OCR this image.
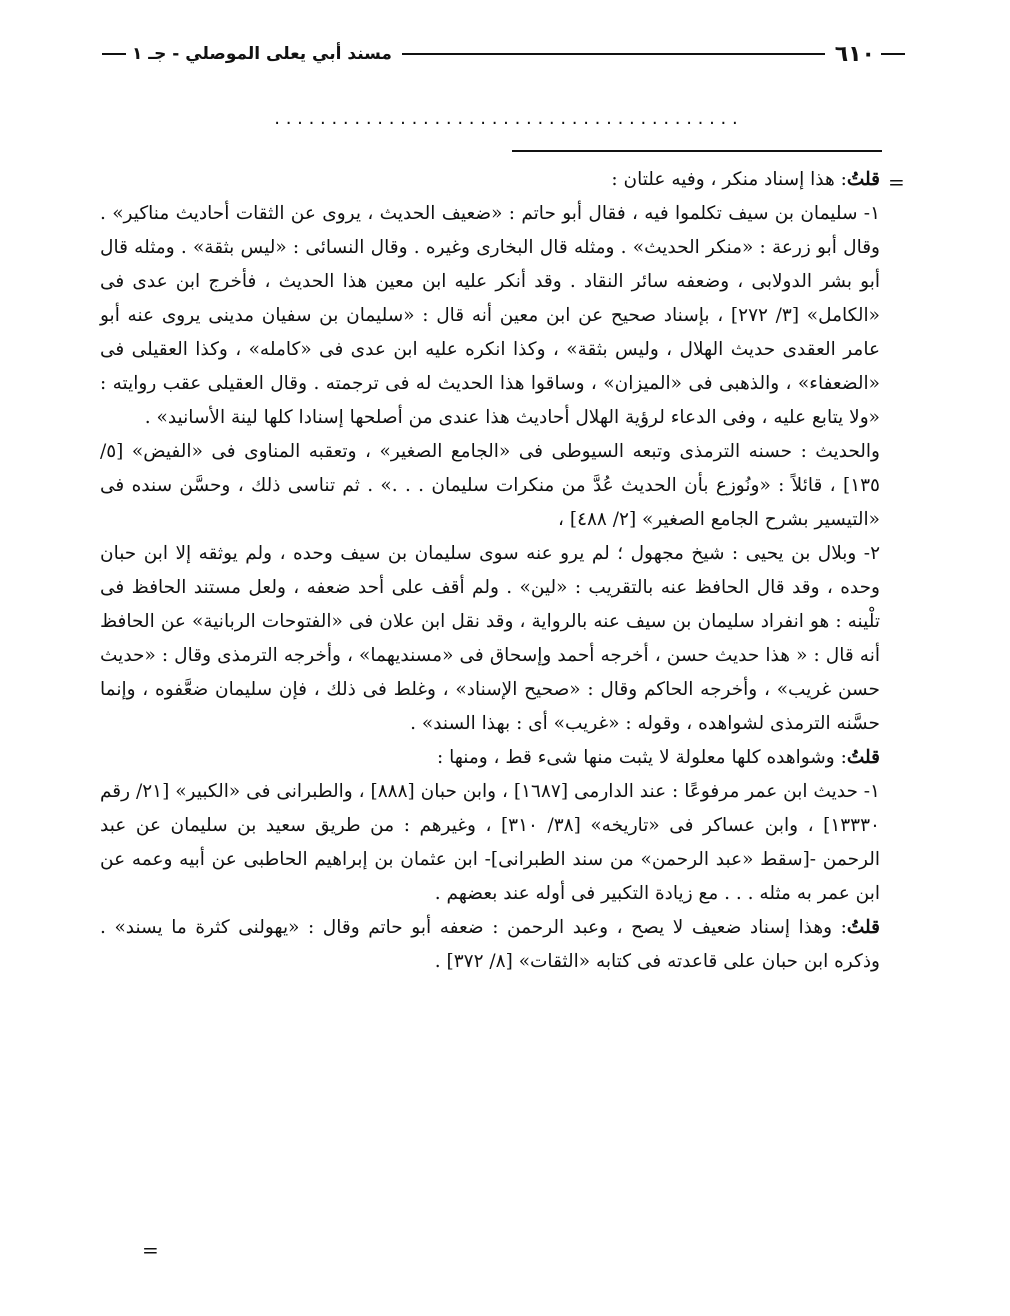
٦١٠
مسند أبي يعلى الموصلي - جـ ١
. . . . . . . . . . . . . . . . . . . . . . . . . . . . . . . . . . . . . . . . .
=

قلتُ: هذا إسناد منكر ، وفيه علتان :

١- سليمان بن سيف تكلموا فيه ، فقال أبو حاتم : «ضعيف الحديث ، يروى عن الثقات أحاديث مناكير» . وقال أبو زرعة : «منكر الحديث» . ومثله قال البخارى وغيره . وقال النسائى : «ليس بثقة» . ومثله قال أبو بشر الدولابى ، وضعفه سائر النقاد . وقد أنكر عليه ابن معين هذا الحديث ، فأخرج ابن عدى فى «الكامل» [٣/ ٢٧٢] ، بإسناد صحيح عن ابن معين أنه قال : «سليمان بن سفيان مدينى يروى عنه أبو عامر العقدى حديث الهلال ، وليس بثقة» ، وكذا انكره عليه ابن عدى فى «كامله» ، وكذا العقيلى فى «الضعفاء» ، والذهبى فى «الميزان» ، وساقوا هذا الحديث له فى ترجمته . وقال العقيلى عقب روايته : «ولا يتابع عليه ، وفى الدعاء لرؤية الهلال أحاديث هذا عندى من أصلحها إسنادا كلها لينة الأسانيد» .

والحديث : حسنه الترمذى وتبعه السيوطى فى «الجامع الصغير» ، وتعقبه المناوى فى «الفيض» [٥/ ١٣٥] ، قائلاً : «ونُوزع بأن الحديث عُدَّ من منكرات سليمان . . .» . ثم تناسى ذلك ، وحسَّن سنده فى «التيسير بشرح الجامع الصغير» [٢/ ٤٨٨] ،

٢- وبلال بن يحيى : شيخ مجهول ؛ لم يرو عنه سوى سليمان بن سيف وحده ، ولم يوثقه إلا ابن حبان وحده ، وقد قال الحافظ عنه بالتقريب : «لين» . ولم أقف على أحد ضعفه ، ولعل مستند الحافظ فى تلْينه : هو انفراد سليمان بن سيف عنه بالرواية ، وقد نقل ابن علان فى «الفتوحات الربانية» عن الحافظ أنه قال : « هذا حديث حسن ، أخرجه أحمد وإسحاق فى «مسنديهما» ، وأخرجه الترمذى وقال : «حديث حسن غريب» ، وأخرجه الحاكم وقال : «صحيح الإسناد» ، وغلط فى ذلك ، فإن سليمان ضعَّفوه ، وإنما حسَّنه الترمذى لشواهده ، وقوله : «غريب» أى : بهذا السند» .

قلتُ: وشواهده كلها معلولة لا يثبت منها شىء قط ، ومنها :

١- حديث ابن عمر مرفوعًا : عند الدارمى [١٦٨٧] ، وابن حبان [٨٨٨] ، والطبرانى فى «الكبير» [٢١/ رقم ١٣٣٣٠] ، وابن عساكر فى «تاريخه» [٣٨/ ٣١٠] ، وغيرهم : من طريق سعيد بن سليمان عن عبد الرحمن -[سقط «عبد الرحمن» من سند الطبرانى]- ابن عثمان بن إبراهيم الحاطبى عن أبيه وعمه عن ابن عمر به مثله . . . مع زيادة التكبير فى أوله عند بعضهم .

قلتُ: وهذا إسناد ضعيف لا يصح ، وعبد الرحمن : ضعفه أبو حاتم وقال : «يهولنى كثرة ما يسند» . وذكره ابن حبان على قاعدته فى كتابه «الثقات» [٨/ ٣٧٢] .

=
